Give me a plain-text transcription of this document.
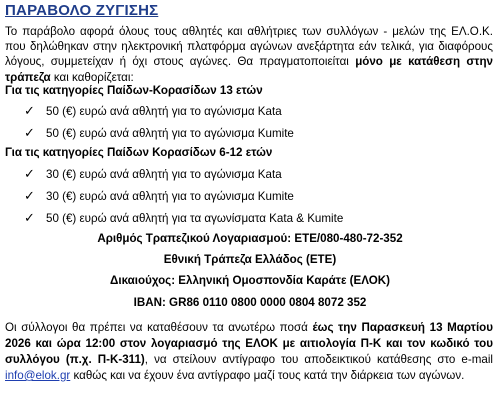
ΠΑΡΑΒΟΛΟ ΖΥΓΙΣΗΣ
Το παράβολο αφορά όλους τους αθλητές και αθλήτριες των συλλόγων - μελών της ΕΛ.Ο.Κ. που δηλώθηκαν στην ηλεκτρονική πλατφόρμα αγώνων ανεξάρτητα εάν τελικά, για διαφόρους λόγους, συμμετείχαν ή όχι στους αγώνες. Θα πραγματοποιείται μόνο με κατάθεση στην τράπεζα και καθορίζεται:
Για τις κατηγορίες Παίδων-Κορασίδων 13 ετών
✓ 50 (€) ευρώ ανά αθλητή για το αγώνισμα Kata
✓ 50 (€) ευρώ ανά αθλητή για το αγώνισμα Kumite
Για τις κατηγορίες Παίδων Κορασίδων 6-12 ετών
✓ 30 (€) ευρώ ανά αθλητή για το αγώνισμα Kata
✓ 30 (€) ευρώ ανά αθλητή για το αγώνισμα Kumite
✓ 50 (€) ευρώ ανά αθλητή για τα αγωνίσματα Kata & Kumite
Αριθμός Τραπεζικού Λογαριασμού: ΕΤΕ/080-480-72-352
Εθνική Τράπεζα Ελλάδος (ΕΤΕ)
Δικαιούχος: Ελληνική Ομοσπονδία Καράτε (ΕΛΟΚ)
IBAN: GR86 0110 0800 0000 0804 8072 352
Οι σύλλογοι θα πρέπει να καταθέσουν τα ανωτέρω ποσά έως την Παρασκευή 13 Μαρτίου 2026 και ώρα 12:00 στον λογαριασμό της ΕΛΟΚ με αιτιολογία Π-Κ και τον κωδικό του συλλόγου (π.χ. Π-Κ-311), να στείλουν αντίγραφο του αποδεικτικού κατάθεσης στο e-mail info@elok.gr καθώς και να έχουν ένα αντίγραφο μαζί τους κατά την διάρκεια των αγώνων.
